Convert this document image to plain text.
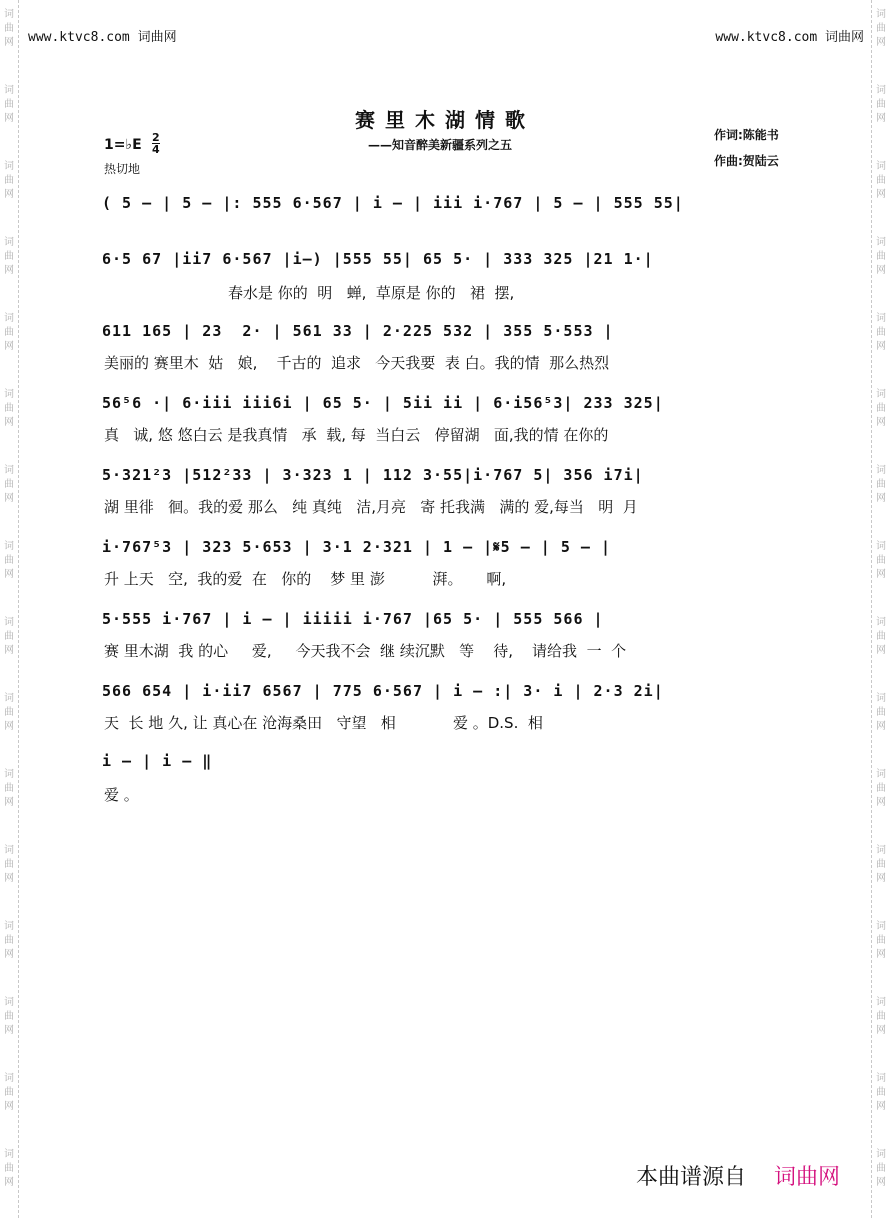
词曲网
词曲网
词曲网
词曲网
词曲网
词曲网
词曲网
词曲网
词曲网
词曲网
词曲网
词曲网
词曲网
词曲网
词曲网
词曲网
词曲网
词曲网
词曲网
词曲网
词曲网
词曲网
词曲网
词曲网
词曲网
词曲网
词曲网
词曲网
词曲网
词曲网
词曲网
词曲网
www.ktvc8.com 词曲网	www.ktvc8.com 词曲网
赛里木湖情歌
——知音醉美新疆系列之五
1=♭E 2
4
热切地
作词:陈能书
作曲:贺陆云
( 5 — | 5 — |: 555 6·567 | i — | iii i·767 | 5 — | 555 55|
6·5 67 |ii7 6·567 |i—) |555 55| 65 5· | 333 325 |21 1·|
春水是 你的  明   蝉,  草原是 你的   裙  摆,
611 165 | 23  2· | 561 33 | 2·225 532 | 355 5·553 |
美丽的 赛里木  姑   娘,    千古的  追求   今天我要  表 白。我的情  那么热烈
56⁵6 ·| 6·iii iii6i | 65 5· | 5ii ii | 6·i56⁵3| 233 325|
真   诚, 悠 悠白云 是我真情   承  载, 每  当白云   停留湖   面,我的情 在你的
5·321²3 |512²33 | 3·323 1 | 112 3·55|i·767 5| 356 i7i|
湖 里徘   徊。我的爱 那么   纯 真纯   洁,月亮   寄 托我满   满的 爱,每当   明  月
i·767⁵3 | 323 5·653 | 3·1 2·321 | 1 — |𝄋5 — | 5 — |
升 上天   空,  我的爱  在   你的    梦 里 澎          湃。     啊,
5·555 i·767 | i — | iiiii i·767 |65 5· | 555 566 |
赛 里木湖  我 的心     爱,     今天我不会  继 续沉默   等    待,    请给我  一  个
566 654 | i·ii7 6567 | 775 6·567 | i — :| 3· i | 2·3 2i|
天  长 地 久, 让 真心在 沧海桑田   守望   相            爱 。D.S.  相
i — | i — ‖
爱 。
本曲谱源自 词曲网
